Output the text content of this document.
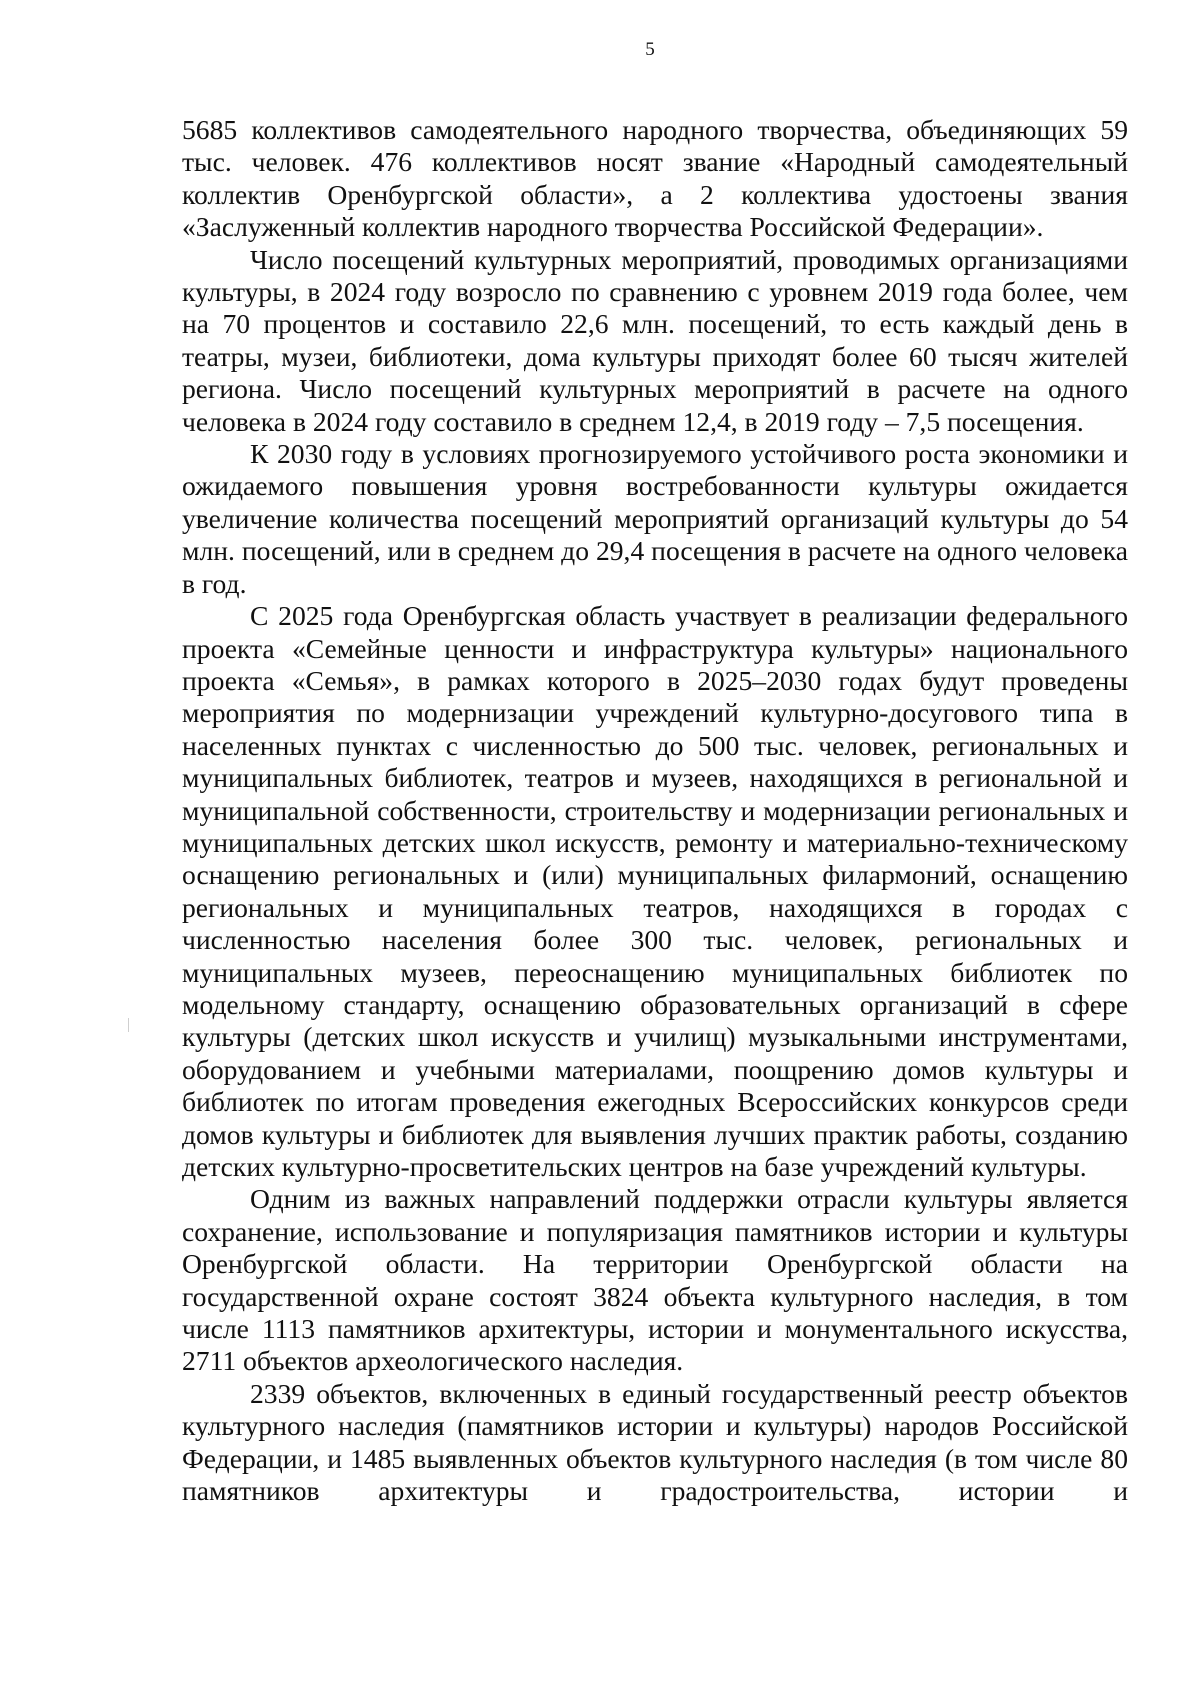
5

5685 коллективов самодеятельного народного творчества, объединяющих 59 тыс. человек. 476 коллективов носят звание «Народный самодеятельный коллектив Оренбургской области», а 2 коллектива удостоены звания «Заслуженный коллектив народного творчества Российской Федерации».

Число посещений культурных мероприятий, проводимых организациями культуры, в 2024 году возросло по сравнению с уровнем 2019 года более, чем на 70 процентов и составило 22,6 млн. посещений, то есть каждый день в театры, музеи, библиотеки, дома культуры приходят более 60 тысяч жителей региона. Число посещений культурных мероприятий в расчете на одного человека в 2024 году составило в среднем 12,4, в 2019 году – 7,5 посещения.

К 2030 году в условиях прогнозируемого устойчивого роста экономики и ожидаемого повышения уровня востребованности культуры ожидается увеличение количества посещений мероприятий организаций культуры до 54 млн. посещений, или в среднем до 29,4 посещения в расчете на одного человека в год.

С 2025 года Оренбургская область участвует в реализации федерального проекта «Семейные ценности и инфраструктура культуры» национального проекта «Семья», в рамках которого в 2025–2030 годах будут проведены мероприятия по модернизации учреждений культурно-досугового типа в населенных пунктах с численностью до 500 тыс. человек, региональных и муниципальных библиотек, театров и музеев, находящихся в региональной и муниципальной собственности, строительству и модернизации региональных и муниципальных детских школ искусств, ремонту и материально-техническому оснащению региональных и (или) муниципальных филармоний, оснащению региональных и муниципальных театров, находящихся в городах с численностью населения более 300 тыс. человек, региональных и муниципальных музеев, переоснащению муниципальных библиотек по модельному стандарту, оснащению образовательных организаций в сфере культуры (детских школ искусств и училищ) музыкальными инструментами, оборудованием и учебными материалами, поощрению домов культуры и библиотек по итогам проведения ежегодных Всероссийских конкурсов среди домов культуры и библиотек для выявления лучших практик работы, созданию детских культурно-просветительских центров на базе учреждений культуры.

Одним из важных направлений поддержки отрасли культуры является сохранение, использование и популяризация памятников истории и культуры Оренбургской области. На территории Оренбургской области на государственной охране состоят 3824 объекта культурного наследия, в том числе 1113 памятников архитектуры, истории и монументального искусства, 2711 объектов археологического наследия.

2339 объектов, включенных в единый государственный реестр объектов культурного наследия (памятников истории и культуры) народов Российской Федерации, и 1485 выявленных объектов культурного наследия (в том числе 80 памятников архитектуры и градостроительства, истории и
